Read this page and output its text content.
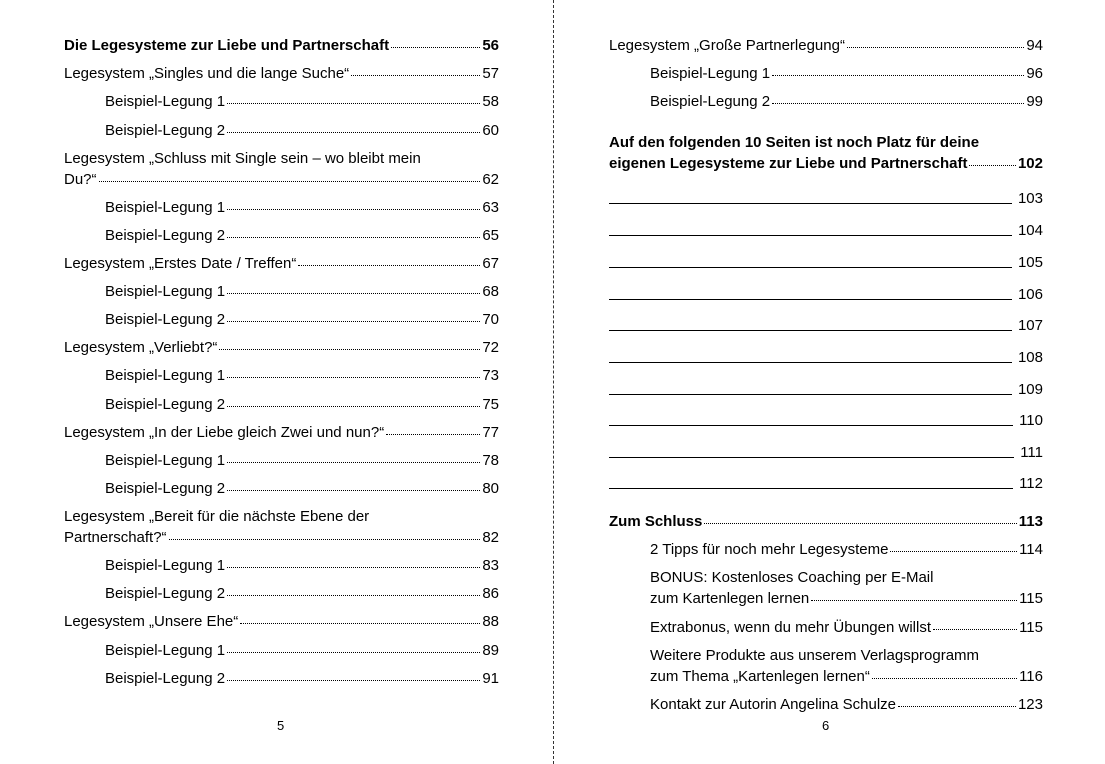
Die Legesysteme zur Liebe und Partnerschaft	56
Legesystem „Singles und die lange Suche“	57
Beispiel-Legung 1	58
Beispiel-Legung 2	60
Legesystem „Schluss mit Single sein – wo bleibt mein
Du?“	62
Beispiel-Legung 1	63
Beispiel-Legung 2	65
Legesystem „Erstes Date / Treffen“	67
Beispiel-Legung 1	68
Beispiel-Legung 2	70
Legesystem „Verliebt?“	72
Beispiel-Legung 1	73
Beispiel-Legung 2	75
Legesystem „In der Liebe gleich Zwei und nun?“	77
Beispiel-Legung 1	78
Beispiel-Legung 2	80
Legesystem „Bereit für die nächste Ebene der
Partnerschaft?“	82
Beispiel-Legung 1	83
Beispiel-Legung 2	86
Legesystem „Unsere Ehe“	88
Beispiel-Legung 1	89
Beispiel-Legung 2	91
5
Legesystem „Große Partnerlegung“	94
Beispiel-Legung 1	96
Beispiel-Legung 2	99
Auf den folgenden 10 Seiten ist noch Platz für deine
eigenen Legesysteme zur Liebe und Partnerschaft	102
103
104
105
106
107
108
109
110
111
112
Zum Schluss	113
2 Tipps für noch mehr Legesysteme	114
BONUS: Kostenloses Coaching per E-Mail
zum Kartenlegen lernen	115
Extrabonus, wenn du mehr Übungen willst	115
Weitere Produkte aus unserem Verlagsprogramm
zum Thema „Kartenlegen lernen“	116
Kontakt zur Autorin Angelina Schulze	123
6
